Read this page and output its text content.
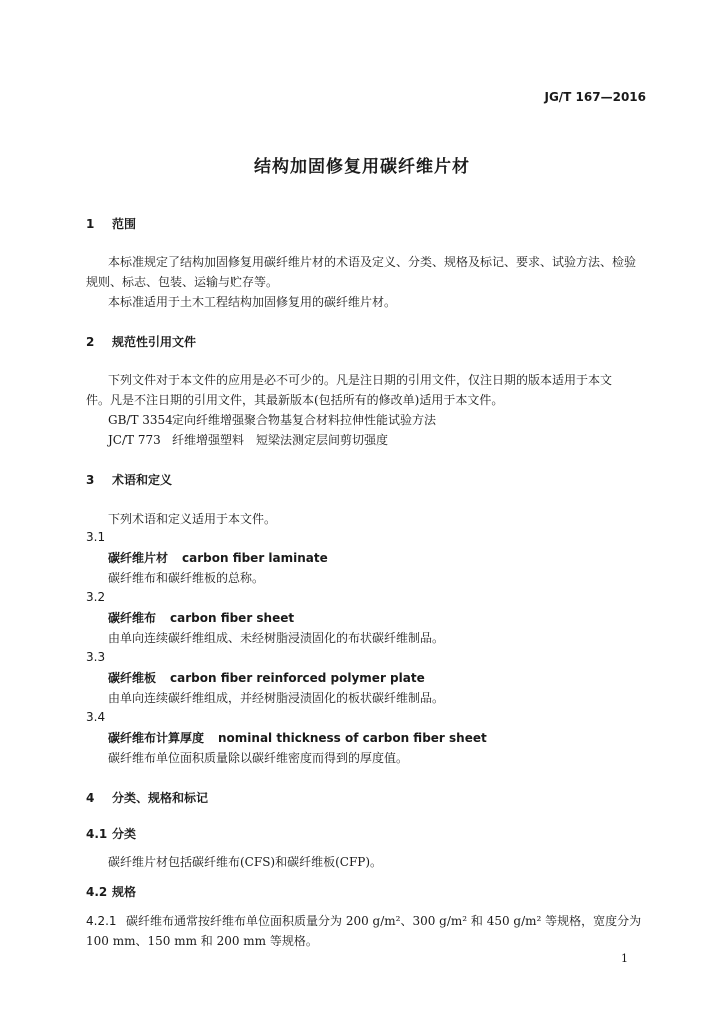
JG/T 167—2016
结构加固修复用碳纤维片材
1 范围
本标准规定了结构加固修复用碳纤维片材的术语及定义、分类、规格及标记、要求、试验方法、检验
规则、标志、包装、运输与贮存等。
本标准适用于土木工程结构加固修复用的碳纤维片材。
2 规范性引用文件
下列文件对于本文件的应用是必不可少的。凡是注日期的引用文件，仅注日期的版本适用于本文
件。凡是不注日期的引用文件，其最新版本(包括所有的修改单)适用于本文件。
GB/T 3354定向纤维增强聚合物基复合材料拉伸性能试验方法
JC/T 773 纤维增强塑料　短梁法测定层间剪切强度
3 术语和定义
下列术语和定义适用于本文件。
3.1
碳纤维片材 carbon fiber laminate
碳纤维布和碳纤维板的总称。
3.2
碳纤维布 carbon fiber sheet
由单向连续碳纤维组成、未经树脂浸渍固化的布状碳纤维制品。
3.3
碳纤维板 carbon fiber reinforced polymer plate
由单向连续碳纤维组成，并经树脂浸渍固化的板状碳纤维制品。
3.4
碳纤维布计算厚度 nominal thickness of carbon fiber sheet
碳纤维布单位面积质量除以碳纤维密度而得到的厚度值。
4 分类、规格和标记
4.1 分类
碳纤维片材包括碳纤维布(CFS)和碳纤维板(CFP)。
4.2 规格
4.2.1 碳纤维布通常按纤维布单位面积质量分为 200 g/m²、300 g/m² 和 450 g/m² 等规格，宽度分为
100 mm、150 mm 和 200 mm 等规格。
1
